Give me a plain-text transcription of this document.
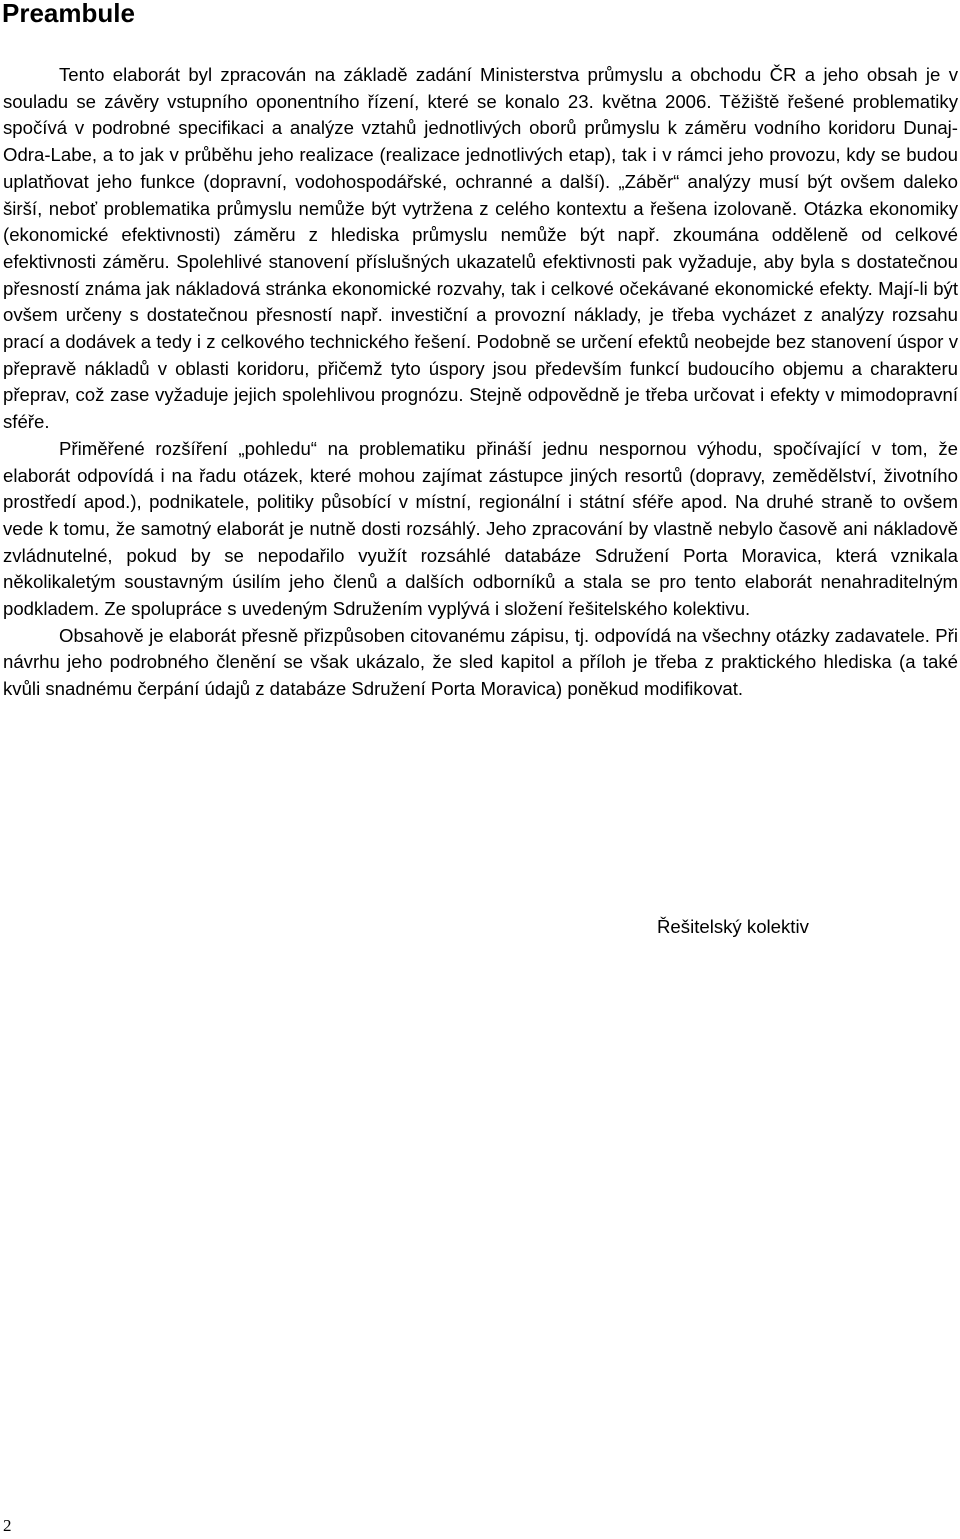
Preambule

Tento elaborát byl zpracován na základě zadání Ministerstva průmyslu a obchodu ČR a jeho obsah je v souladu se závěry vstupního oponentního řízení, které se konalo 23. května 2006. Těžiště řešené problematiky spočívá v podrobné specifikaci a analýze vztahů jednotlivých oborů průmyslu k záměru vodního koridoru Dunaj-Odra-Labe, a to jak v průběhu jeho realizace (realizace jednotlivých etap), tak i v rámci jeho provozu, kdy se budou uplatňovat jeho funkce (dopravní, vodohospodářské, ochranné a další). „Záběr“ analýzy musí být ovšem daleko širší, neboť problematika průmyslu nemůže být vytržena z celého kontextu a řešena izolovaně. Otázka ekonomiky (ekonomické efektivnosti) záměru z hlediska průmyslu nemůže být např. zkoumána odděleně od celkové efektivnosti záměru. Spolehlivé stanovení příslušných ukazatelů efektivnosti pak vyžaduje, aby byla s dostatečnou přesností známa jak nákladová stránka ekonomické rozvahy, tak i celkové očekávané ekonomické efekty. Mají-li být ovšem určeny s dostatečnou přesností např. investiční a provozní náklady, je třeba vycházet z analýzy rozsahu prací a dodávek a tedy i z celkového technického řešení. Podobně se určení efektů neobejde bez stanovení úspor v přepravě nákladů v oblasti koridoru, přičemž tyto úspory jsou především funkcí budoucího objemu a charakteru přeprav, což zase vyžaduje jejich spolehlivou prognózu. Stejně odpovědně je třeba určovat i efekty v mimodopravní sféře.

Přiměřené rozšíření „pohledu“ na problematiku přináší jednu nespornou výhodu, spočívající v tom, že elaborát odpovídá i na řadu otázek, které mohou zajímat zástupce jiných resortů (dopravy, zemědělství, životního prostředí apod.), podnikatele, politiky působící v místní, regionální i státní sféře apod. Na druhé straně to ovšem vede k tomu, že samotný elaborát je nutně dosti rozsáhlý. Jeho zpracování by vlastně nebylo časově ani nákladově zvládnutelné, pokud by se nepodařilo využít rozsáhlé databáze Sdružení Porta Moravica, která vznikala několikaletým soustavným úsilím jeho členů a dalších odborníků a stala se pro tento elaborát nenahraditelným podkladem. Ze spolupráce s uvedeným Sdružením vyplývá i složení řešitelského kolektivu.

Obsahově je elaborát přesně přizpůsoben citovanému zápisu, tj. odpovídá na všechny otázky zadavatele. Při návrhu jeho podrobného členění se však ukázalo, že sled kapitol a příloh je třeba z praktického hlediska (a také kvůli snadnému čerpání údajů z databáze Sdružení Porta Moravica) poněkud modifikovat.

Řešitelský kolektiv

2
